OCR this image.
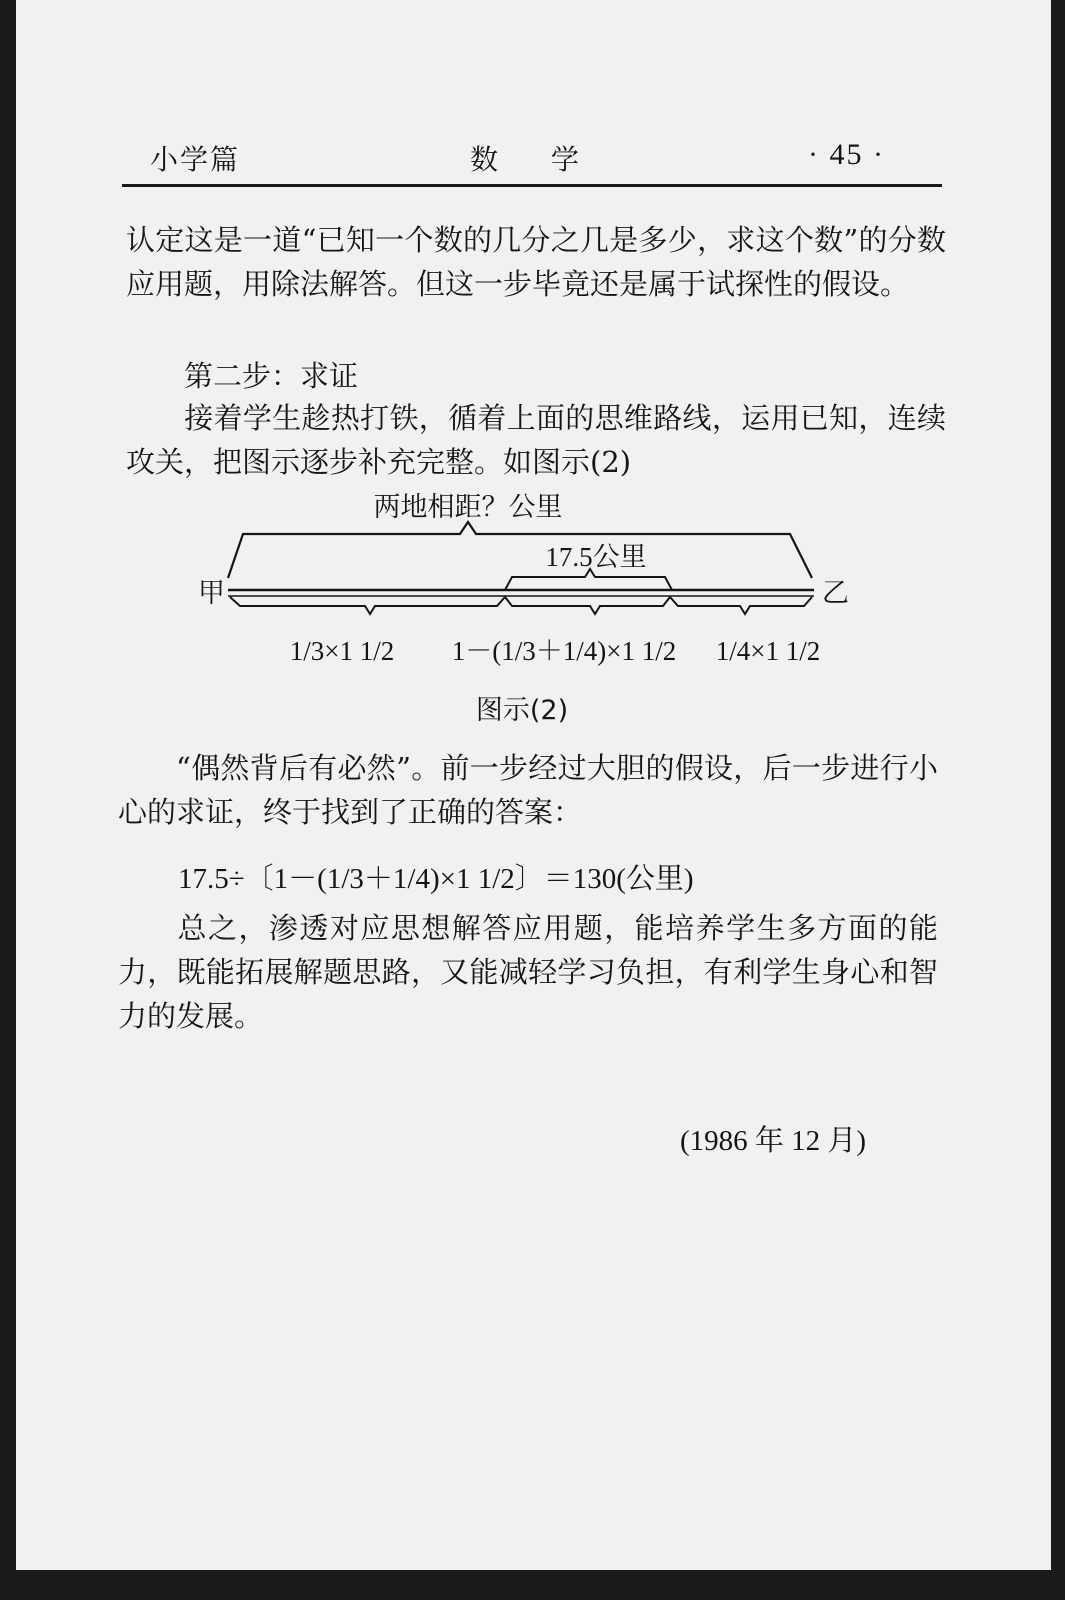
小学篇	数 学	· 45 ·
认定这是一道“已知一个数的几分之几是多少，求这个数”的分数应用题，用除法解答。但这一步毕竟还是属于试探性的假设。
第二步：求证
接着学生趁热打铁，循着上面的思维路线，运用已知，连续攻关，把图示逐步补充完整。如图示(2)
两地相距？公里
17.5公里
甲	乙
1/3×1 1/2 1－(1/3＋1/4)×1 1/2 1/4×1 1/2
图示(2)
“偶然背后有必然”。前一步经过大胆的假设，后一步进行小心的求证，终于找到了正确的答案：
17.5÷〔1－(1/3＋1/4)×1 1/2〕＝130(公里)
总之，渗透对应思想解答应用题，能培养学生多方面的能力，既能拓展解题思路，又能减轻学习负担，有利学生身心和智力的发展。
(1986 年 12 月)
